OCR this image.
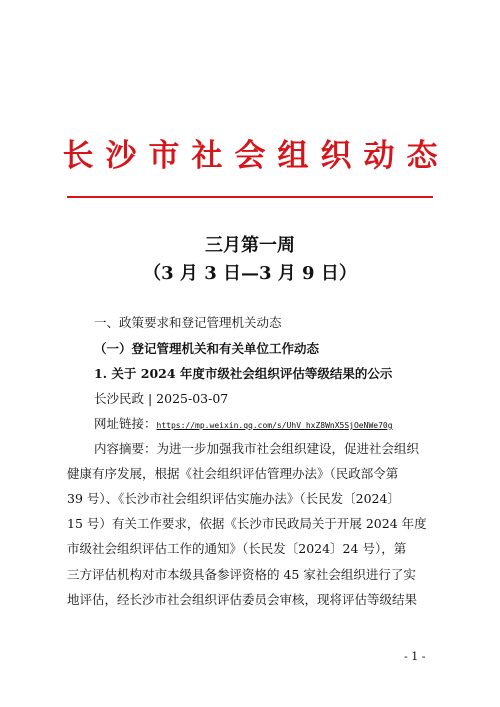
长沙市社会组织动态
三月第一周
（3 月 3 日—3 月 9 日）
一、政策要求和登记管理机关动态
（一）登记管理机关和有关单位工作动态
1. 关于 2024 年度市级社会组织评估等级结果的公示
长沙民政 | 2025-03-07
网址链接：https://mp.weixin.qq.com/s/UhV_hxZ8WnX5SjOeNWe70g
内容摘要：为进一步加强我市社会组织建设，促进社会组织
健康有序发展，根据《社会组织评估管理办法》（民政部令第
39 号）、《长沙市社会组织评估实施办法》（长民发〔2024〕
15 号）有关工作要求，依据《长沙市民政局关于开展 2024 年度
市级社会组织评估工作的通知》（长民发〔2024〕24 号），第
三方评估机构对市本级具备参评资格的 45 家社会组织进行了实
地评估，经长沙市社会组织评估委员会审核，现将评估等级结果
- 1 -
